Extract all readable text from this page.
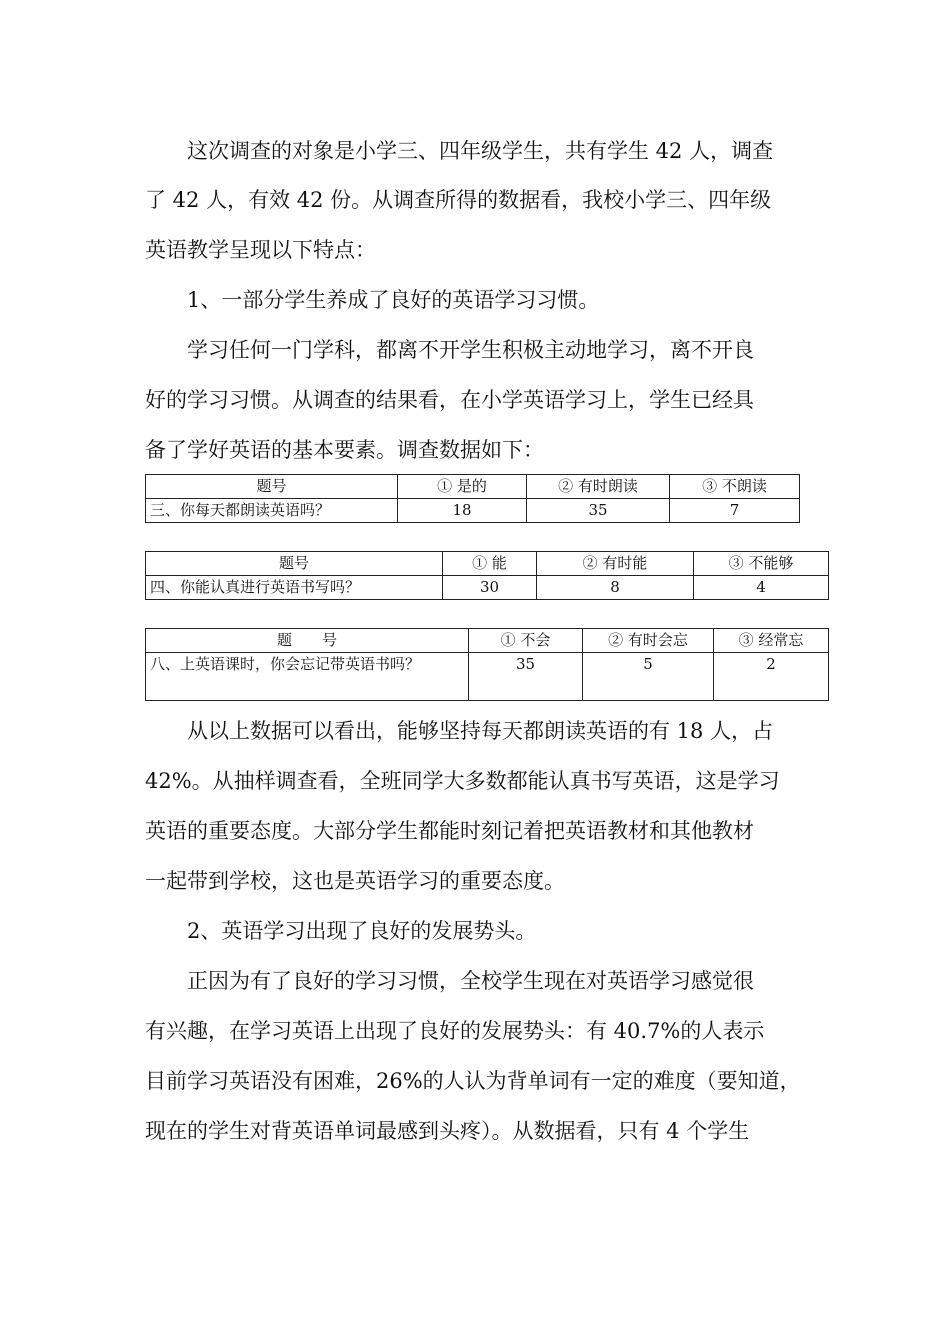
　　这次调查的对象是小学三、四年级学生，共有学生 42 人，调查
了 42 人，有效 42 份。从调查所得的数据看，我校小学三、四年级
英语教学呈现以下特点：
　　1、一部分学生养成了良好的英语学习习惯。
　　学习任何一门学科，都离不开学生积极主动地学习，离不开良
好的学习习惯。从调查的结果看，在小学英语学习上，学生已经具
备了学好英语的基本要素。调查数据如下：
题号	① 是的	② 有时朗读	③ 不朗读
三、你每天都朗读英语吗？	18	35	7
题号	① 能	② 有时能	③ 不能够
四、你能认真进行英语书写吗？	30	8	4
题　　号	① 不会	② 有时会忘	③ 经常忘
八、上英语课时，你会忘记带英语书吗？	35	5	2
　　从以上数据可以看出，能够坚持每天都朗读英语的有 18 人，占
42%。从抽样调查看，全班同学大多数都能认真书写英语，这是学习
英语的重要态度。大部分学生都能时刻记着把英语教材和其他教材
一起带到学校，这也是英语学习的重要态度。
　　2、英语学习出现了良好的发展势头。
　　正因为有了良好的学习习惯，全校学生现在对英语学习感觉很
有兴趣，在学习英语上出现了良好的发展势头：有 40.7%的人表示
目前学习英语没有困难，26%的人认为背单词有一定的难度（要知道，
现在的学生对背英语单词最感到头疼）。从数据看，只有 4 个学生
